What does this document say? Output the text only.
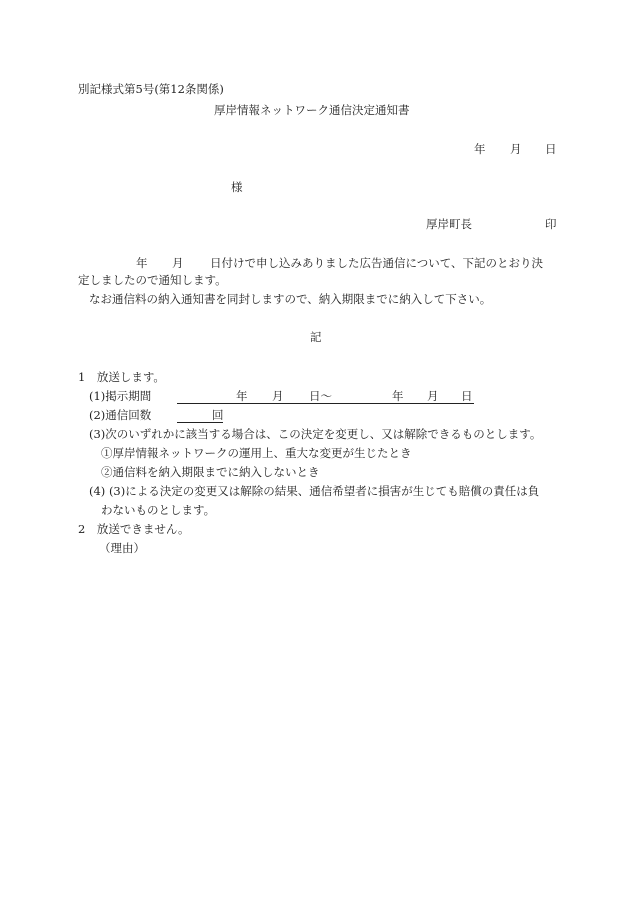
別記様式第5号(第12条関係)
厚岸情報ネットワーク通信決定通知書
年 月 日
様
厚岸町長	印
年 月 日付けで申し込みありました広告通信について、下記のとおり決
定しましたので通知します。
なお通信料の納入通知書を同封しますので、納入期限までに納入して下さい。
記
1　放送します。
(1)掲示期間	年 月 日～	年 月 日
(2)通信回数	回
(3)次のいずれかに該当する場合は、この決定を変更し、又は解除できるものとします。
①厚岸情報ネットワークの運用上、重大な変更が生じたとき
②通信料を納入期限までに納入しないとき
(4) (3)による決定の変更又は解除の結果、通信希望者に損害が生じても賠償の責任は負
わないものとします。
2　放送できません。
（理由）
